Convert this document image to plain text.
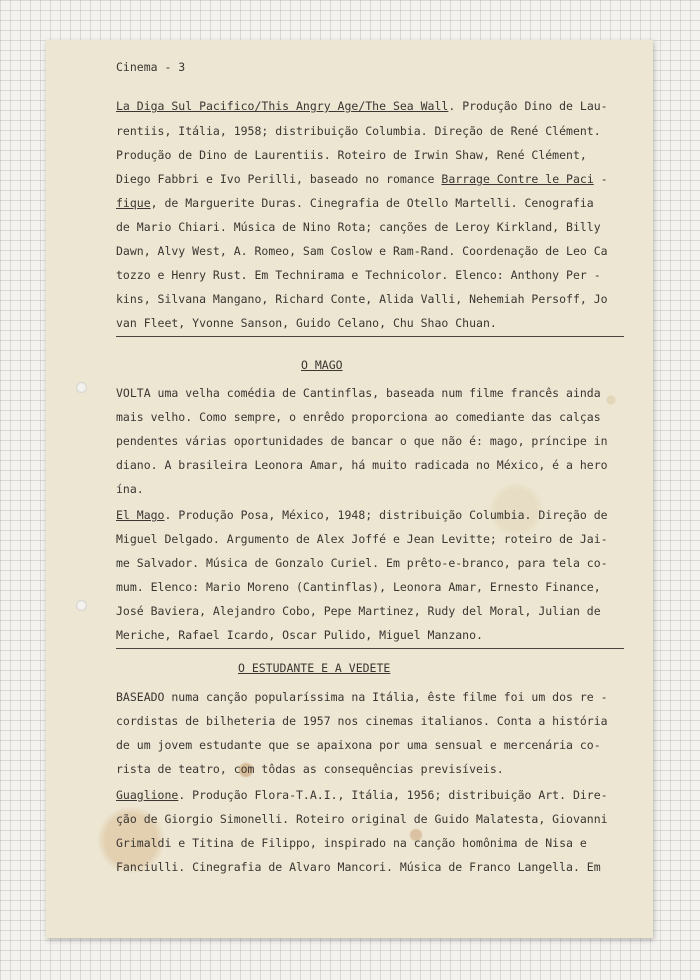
Cinema - 3
La Diga Sul Pacifico/This Angry Age/The Sea Wall. Produção Dino de Lau-
rentiis, Itália, 1958; distribuição Columbia. Direção de René Clément.
Produção de Dino de Laurentiis. Roteiro de Irwin Shaw, René Clément,
Diego Fabbri e Ivo Perilli, baseado no romance Barrage Contre le Paci -
fique, de Marguerite Duras. Cinegrafia de Otello Martelli. Cenografia
de Mario Chiari. Música de Nino Rota; canções de Leroy Kirkland, Billy
Dawn, Alvy West, A. Romeo, Sam Coslow e Ram-Rand. Coordenação de Leo Ca
tozzo e Henry Rust. Em Technirama e Technicolor. Elenco: Anthony Per -
kins, Silvana Mangano, Richard Conte, Alida Valli, Nehemiah Persoff, Jo
van Fleet, Yvonne Sanson, Guido Celano, Chu Shao Chuan.
O MAGO
VOLTA uma velha comédia de Cantinflas, baseada num filme francês ainda
mais velho. Como sempre, o enrêdo proporciona ao comediante das calças
pendentes várias oportunidades de bancar o que não é: mago, príncipe in
diano. A brasileira Leonora Amar, há muito radicada no México, é a hero
ína.
El Mago. Produção Posa, México, 1948; distribuição Columbia. Direção de
Miguel Delgado. Argumento de Alex Joffé e Jean Levitte; roteiro de Jai-
me Salvador. Música de Gonzalo Curiel. Em prêto-e-branco, para tela co-
mum. Elenco: Mario Moreno (Cantinflas), Leonora Amar, Ernesto Finance,
José Baviera, Alejandro Cobo, Pepe Martinez, Rudy del Moral, Julian de
Meriche, Rafael Icardo, Oscar Pulido, Miguel Manzano.
O ESTUDANTE E A VEDETE
BASEADO numa canção popularíssima na Itália, êste filme foi um dos re -
cordistas de bilheteria de 1957 nos cinemas italianos. Conta a história
de um jovem estudante que se apaixona por uma sensual e mercenária co-
rista de teatro, com tôdas as consequências previsíveis.
Guaglione. Produção Flora-T.A.I., Itália, 1956; distribuição Art. Dire-
ção de Giorgio Simonelli. Roteiro original de Guido Malatesta, Giovanni
Grimaldi e Titina de Filippo, inspirado na canção homônima de Nisa e
Fanciulli. Cinegrafia de Alvaro Mancori. Música de Franco Langella. Em
